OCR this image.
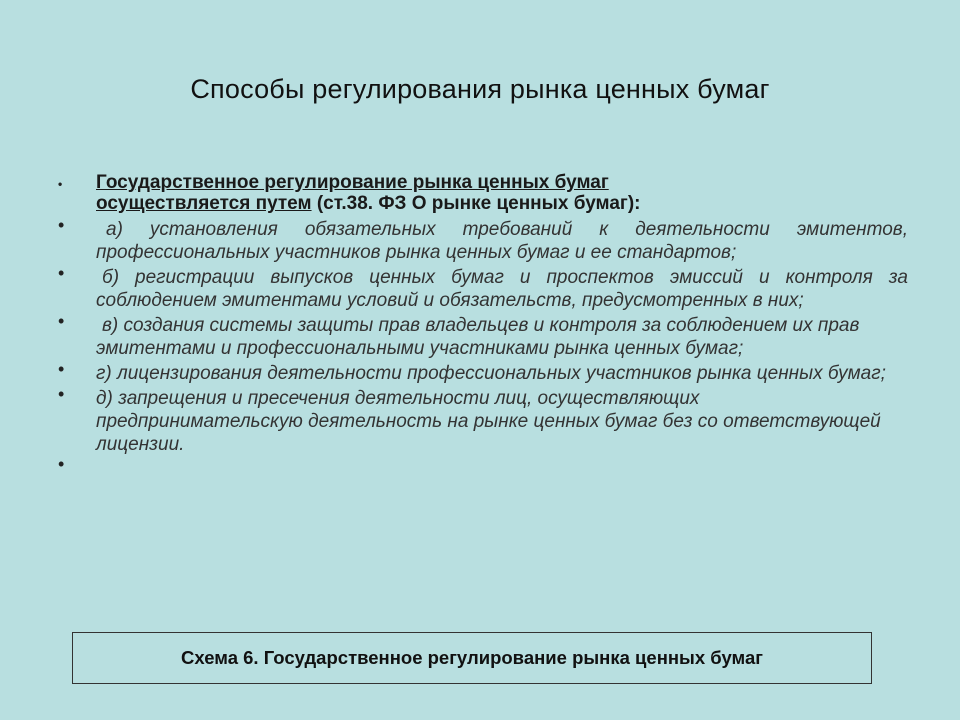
Способы регулирования рынка ценных бумаг
• Государственное регулирование рынка ценных бумаг
осуществляется путем (ст.38. ФЗ О рынке ценных бумаг):
•	а) установления обязательных требований к деятельности эмитентов, профессиональных участников рынка ценных бумаг и ее стандартов;
•	б) регистрации выпусков ценных бумаг и проспектов эмиссий и контроля за соблюдением эмитентами условий и обязательств, предусмотренных в них;
•	в) создания системы защиты прав владельцев и контроля за соблюдением их прав эмитентами и профессиональными участниками рынка ценных бумаг;
• г) лицензирования деятельности профессиональных участников рынка ценных бумаг;
• д) запрещения и пресечения деятельности лиц, осуществляющих предпринимательскую деятельность на рынке ценных бумаг без со ответствующей лицензии.
•
Схема 6. Государственное регулирование рынка ценных бумаг
